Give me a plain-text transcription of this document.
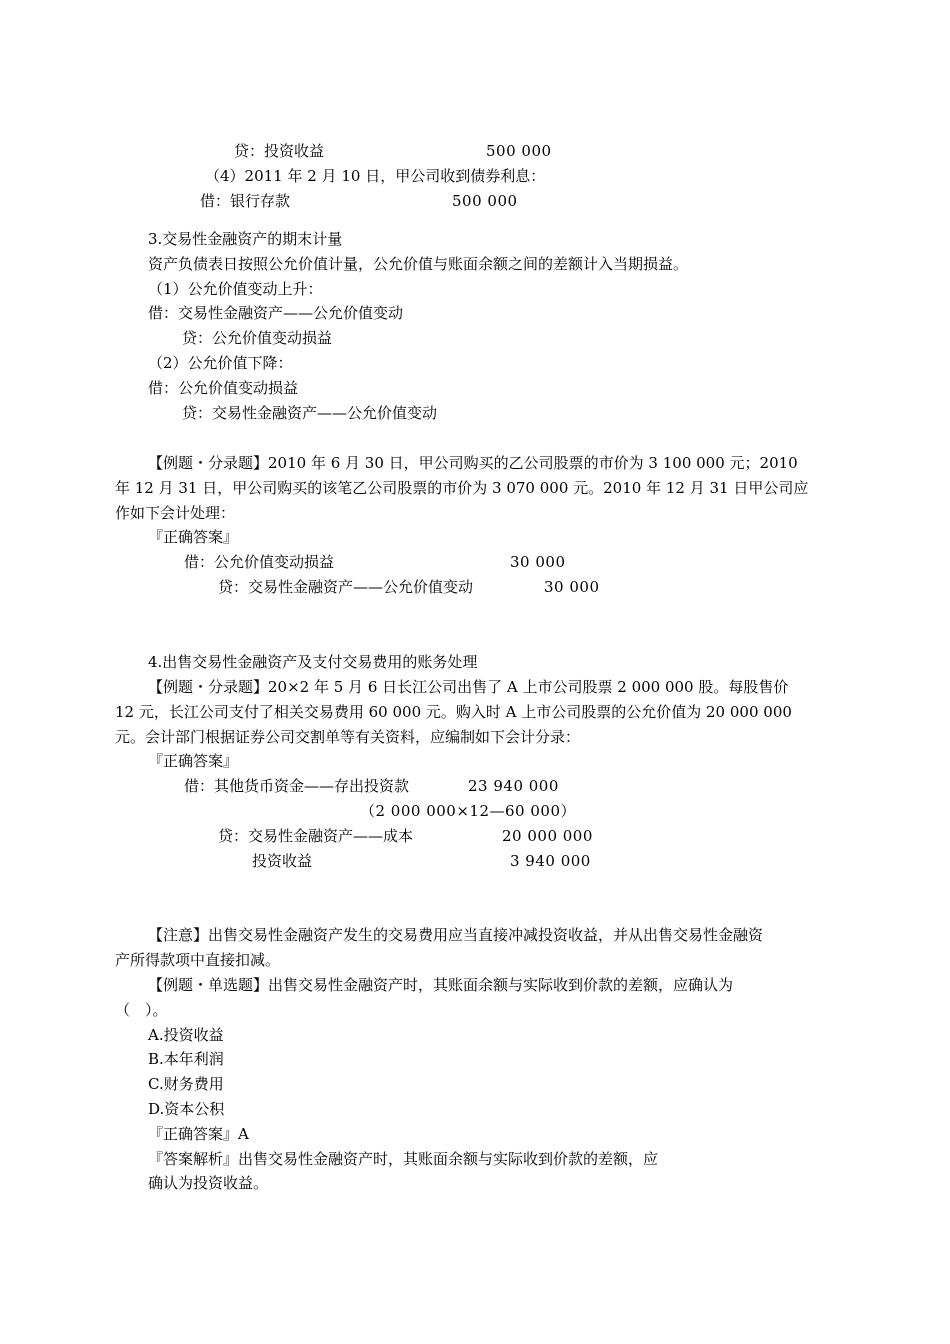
贷：投资收益	500 000
（4）2011 年 2 月 10 日，甲公司收到债券利息：
借：银行存款	500 000
3.交易性金融资产的期末计量
资产负债表日按照公允价值计量，公允价值与账面余额之间的差额计入当期损益。
（1）公允价值变动上升：
借：交易性金融资产——公允价值变动
贷：公允价值变动损益
（2）公允价值下降：
借：公允价值变动损益
贷：交易性金融资产——公允价值变动
【例题・分录题】2010 年 6 月 30 日，甲公司购买的乙公司股票的市价为 3 100 000 元；2010
年 12 月 31 日，甲公司购买的该笔乙公司股票的市价为 3 070 000 元。2010 年 12 月 31 日甲公司应
作如下会计处理：
『正确答案』
借：公允价值变动损益	30 000
贷：交易性金融资产——公允价值变动	30 000
4.出售交易性金融资产及支付交易费用的账务处理
【例题・分录题】20×2 年 5 月 6 日长江公司出售了 A 上市公司股票 2 000 000 股。每股售价
12 元，长江公司支付了相关交易费用 60 000 元。购入时 A 上市公司股票的公允价值为 20 000 000
元。会计部门根据证券公司交割单等有关资料，应编制如下会计分录：
『正确答案』
借：其他货币资金——存出投资款	23 940 000
（2 000 000×12—60 000）
贷：交易性金融资产——成本	20 000 000
投资收益	3 940 000
【注意】出售交易性金融资产发生的交易费用应当直接冲减投资收益，并从出售交易性金融资
产所得款项中直接扣减。
【例题・单选题】出售交易性金融资产时，其账面余额与实际收到价款的差额，应确认为
（　）。
A.投资收益
B.本年利润
C.财务费用
D.资本公积
『正确答案』A
『答案解析』出售交易性金融资产时，其账面余额与实际收到价款的差额，应
确认为投资收益。
